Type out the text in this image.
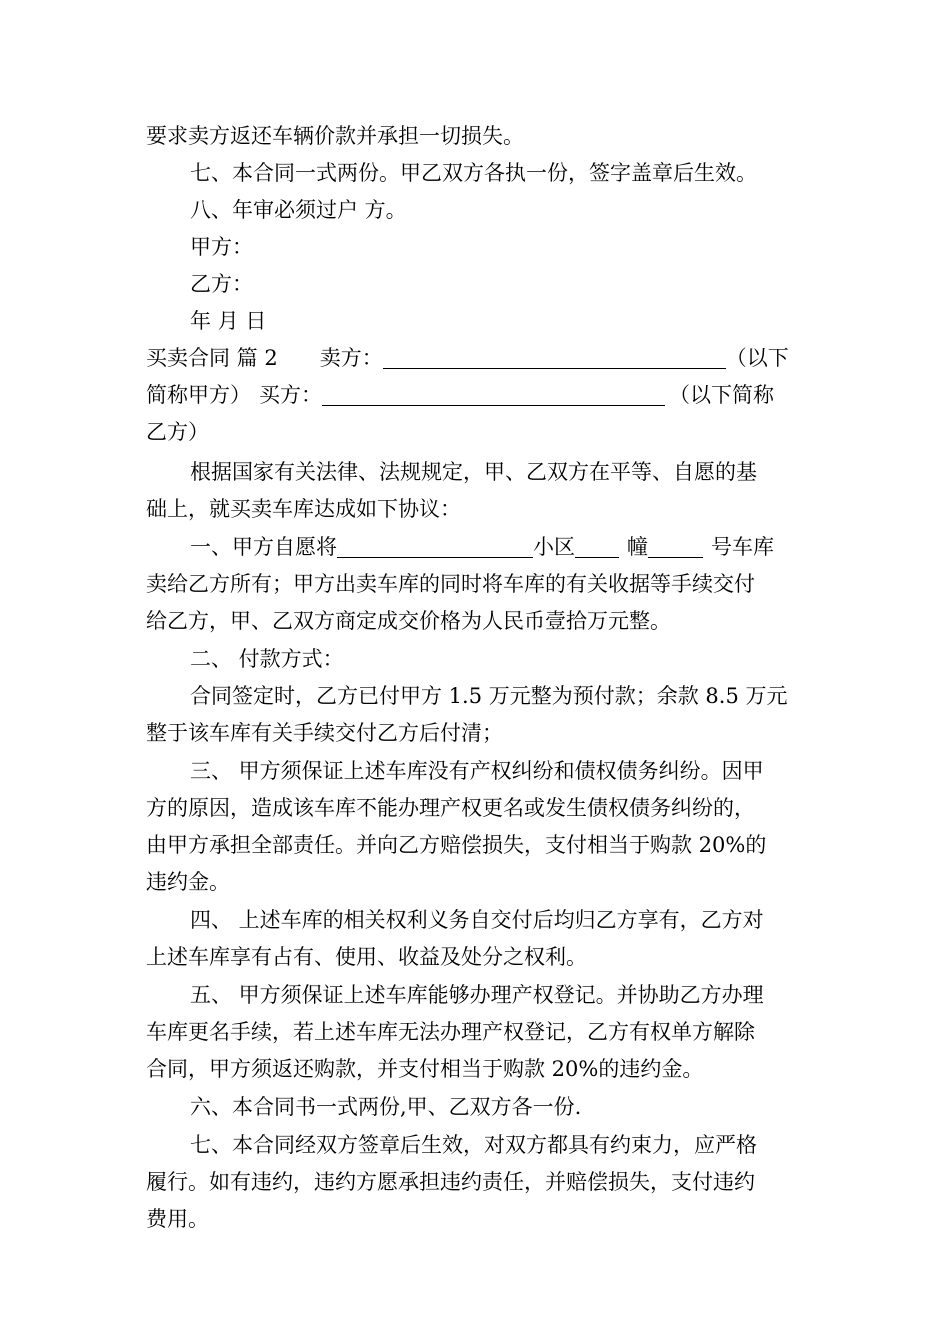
要求卖方返还车辆价款并承担一切损失。
七、本合同一式两份。甲乙双方各执一份，签字盖章后生效。
八、年审必须过户 方。
甲方：
乙方：
年 月 日
买卖合同 篇 2 卖方：	（以下
简称甲方） 买方：	（以下简称
乙方）
根据国家有关法律、法规规定，甲、乙双方在平等、自愿的基
础上，就买卖车库达成如下协议：
一、甲方自愿将	小区 幢	号车库
卖给乙方所有；甲方出卖车库的同时将车库的有关收据等手续交付
给乙方，甲、乙双方商定成交价格为人民币壹拾万元整。
二、 付款方式：
合同签定时，乙方已付甲方 1.5 万元整为预付款；余款 8.5 万元
整于该车库有关手续交付乙方后付清；
三、 甲方须保证上述车库没有产权纠纷和债权债务纠纷。因甲
方的原因，造成该车库不能办理产权更名或发生债权债务纠纷的，
由甲方承担全部责任。并向乙方赔偿损失，支付相当于购款 20%的
违约金。
四、 上述车库的相关权利义务自交付后均归乙方享有，乙方对
上述车库享有占有、使用、收益及处分之权利。
五、 甲方须保证上述车库能够办理产权登记。并协助乙方办理
车库更名手续，若上述车库无法办理产权登记，乙方有权单方解除
合同，甲方须返还购款，并支付相当于购款 20%的违约金。
六、本合同书一式两份,甲、乙双方各一份.
七、本合同经双方签章后生效，对双方都具有约束力，应严格
履行。如有违约，违约方愿承担违约责任，并赔偿损失，支付违约
费用。
